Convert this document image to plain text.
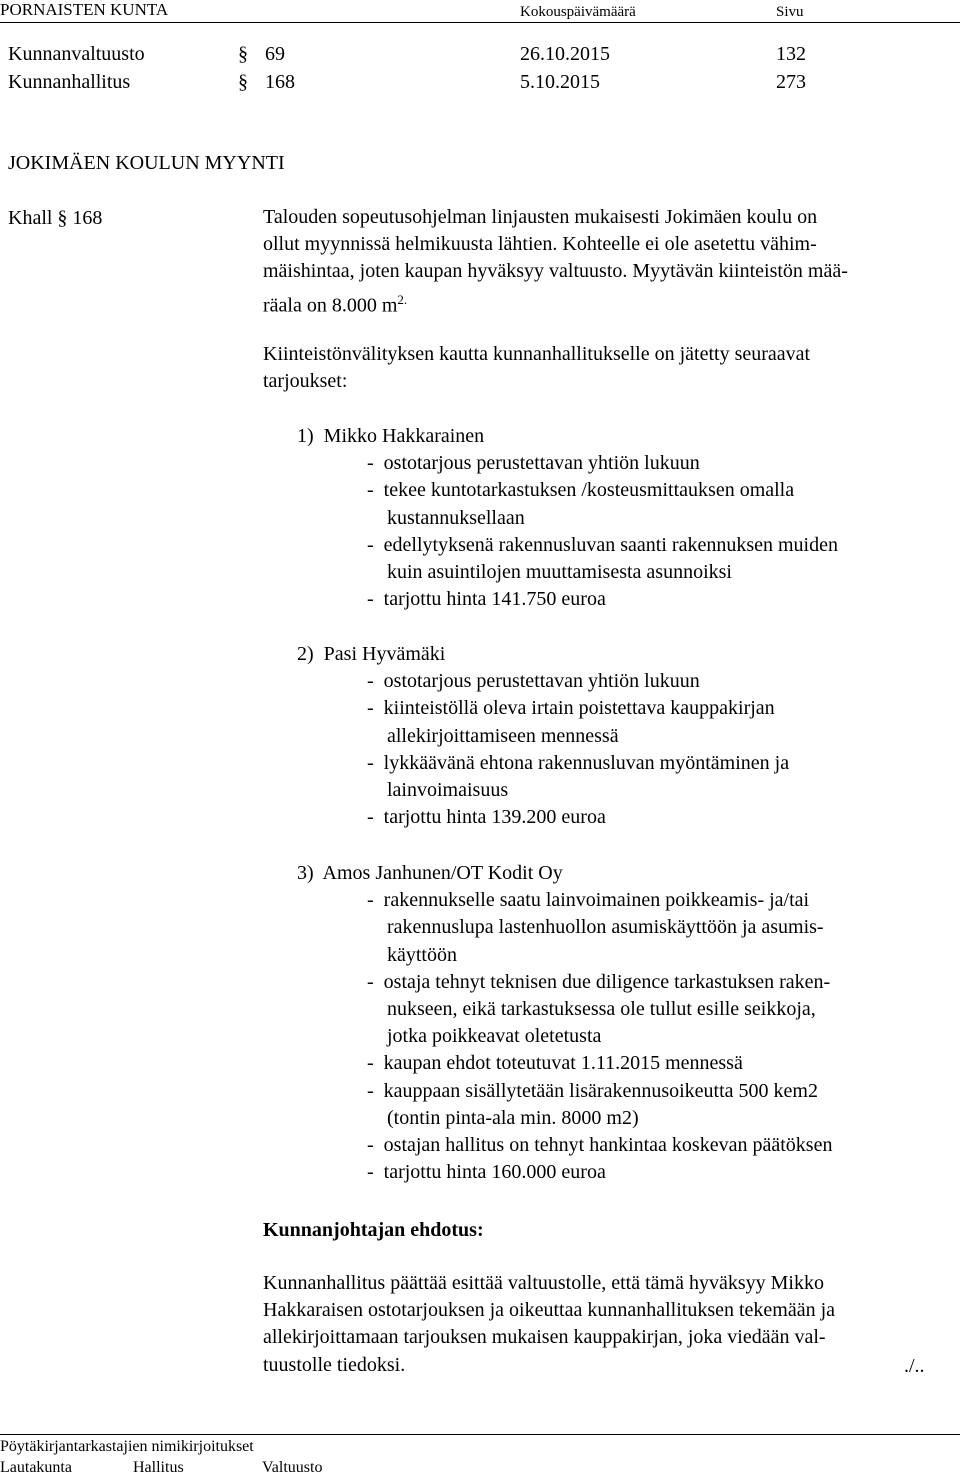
PORNAISTEN KUNTA	Kokouspäivämäärä	Sivu
Kunnanvaltuusto	§ 69	26.10.2015	132
Kunnanhallitus	§ 168	5.10.2015	273
JOKIMÄEN KOULUN MYYNTI
Khall § 168	Talouden sopeutusohjelman linjausten mukaisesti Jokimäen koulu on
ollut myynnissä helmikuusta lähtien. Kohteelle ei ole asetettu vähim-
mäishintaa, joten kaupan hyväksyy valtuusto. Myytävän kiinteistön mää-
räala on 8.000 $m^{2.}$
Kiinteistönvälityksen kautta kunnanhallitukselle on jätetty seuraavat
tarjoukset:
1)  Mikko Hakkarainen
-  ostotarjous perustettavan yhtiön lukuun
-  tekee kuntotarkastuksen /kosteusmittauksen omalla
kustannuksellaan
-  edellytyksenä rakennusluvan saanti rakennuksen muiden
kuin asuintilojen muuttamisesta asunnoiksi
-  tarjottu hinta 141.750 euroa
2)  Pasi Hyvämäki
-  ostotarjous perustettavan yhtiön lukuun
-  kiinteistöllä oleva irtain poistettava kauppakirjan
allekirjoittamiseen mennessä
-  lykkäävänä ehtona rakennusluvan myöntäminen ja
lainvoimaisuus
-  tarjottu hinta 139.200 euroa
3)  Amos Janhunen/OT Kodit Oy
-  rakennukselle saatu lainvoimainen poikkeamis- ja/tai
rakennuslupa lastenhuollon asumiskäyttöön ja asumis-
käyttöön
-  ostaja tehnyt teknisen due diligence tarkastuksen raken-
nukseen, eikä tarkastuksessa ole tullut esille seikkoja,
jotka poikkeavat oletetusta
-  kaupan ehdot toteutuvat 1.11.2015 mennessä
-  kauppaan sisällytetään lisärakennusoikeutta 500 kem2
(tontin pinta-ala min. 8000 m2)
-  ostajan hallitus on tehnyt hankintaa koskevan päätöksen
-  tarjottu hinta 160.000 euroa
Kunnanjohtajan ehdotus:
Kunnanhallitus päättää esittää valtuustolle, että tämä hyväksyy Mikko
Hakkaraisen ostotarjouksen ja oikeuttaa kunnanhallituksen tekemään ja
allekirjoittamaan tarjouksen mukaisen kauppakirjan, joka viedään val-
tuustolle tiedoksi.	./..
Pöytäkirjantarkastajien nimikirjoitukset
Lautakunta	Hallitus	Valtuusto
